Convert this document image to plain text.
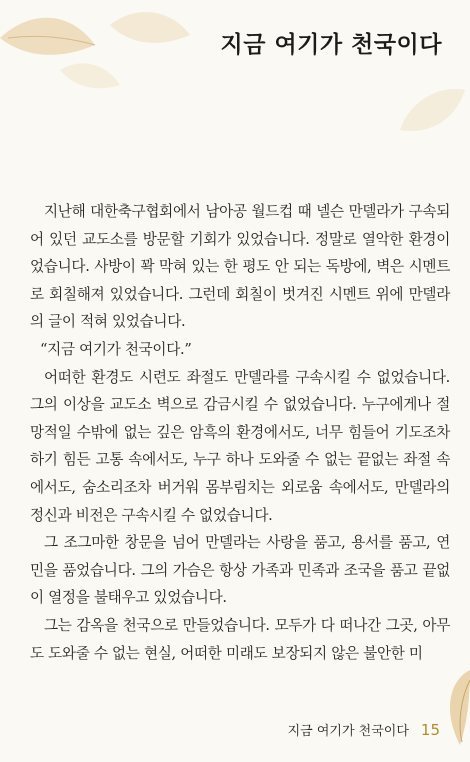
지금 여기가 천국이다

지난해 대한축구협회에서 남아공 월드컵 때 넬슨 만델라가 구속되어 있던 교도소를 방문할 기회가 있었습니다. 정말로 열악한 환경이었습니다. 사방이 꽉 막혀 있는 한 평도 안 되는 독방에, 벽은 시멘트로 회칠해져 있었습니다. 그런데 회칠이 벗겨진 시멘트 위에 만델라의 글이 적혀 있었습니다.

“지금 여기가 천국이다.”

어떠한 환경도 시련도 좌절도 만델라를 구속시킬 수 없었습니다. 그의 이상을 교도소 벽으로 감금시킬 수 없었습니다. 누구에게나 절망적일 수밖에 없는 깊은 암흑의 환경에서도, 너무 힘들어 기도조차 하기 힘든 고통 속에서도, 누구 하나 도와줄 수 없는 끝없는 좌절 속에서도, 숨소리조차 버거워 몸부림치는 외로움 속에서도, 만델라의 정신과 비전은 구속시킬 수 없었습니다.

그 조그마한 창문을 넘어 만델라는 사랑을 품고, 용서를 품고, 연민을 품었습니다. 그의 가슴은 항상 가족과 민족과 조국을 품고 끝없이 열정을 불태우고 있었습니다.

그는 감옥을 천국으로 만들었습니다. 모두가 다 떠나간 그곳, 아무도 도와줄 수 없는 현실, 어떠한 미래도 보장되지 않은 불안한 미

지금 여기가 천국이다 15
